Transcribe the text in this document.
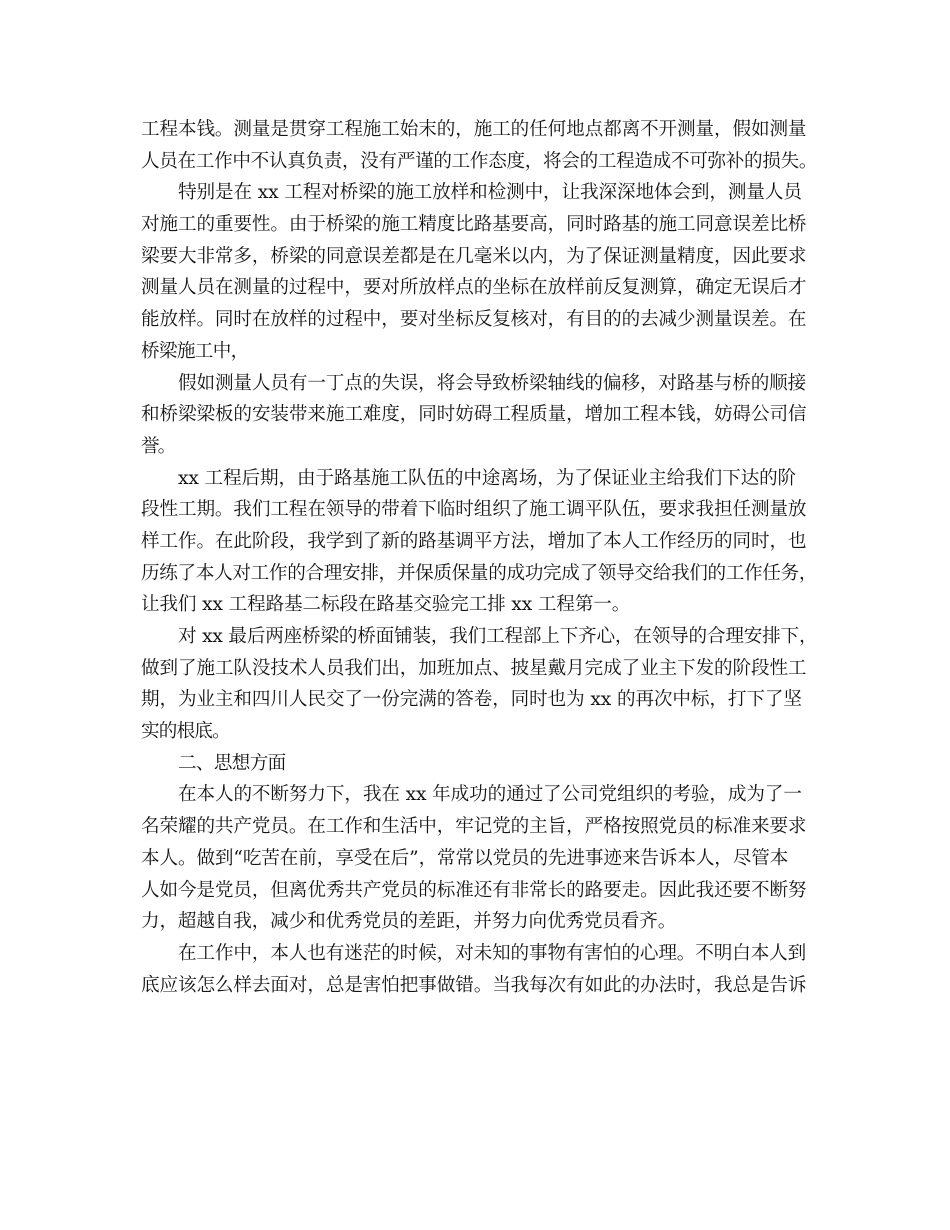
工程本钱。测量是贯穿工程施工始末的，施工的任何地点都离不开测量，假如测量
人员在工作中不认真负责，没有严谨的工作态度，将会的工程造成不可弥补的损失。
特别是在 xx 工程对桥梁的施工放样和检测中，让我深深地体会到，测量人员
对施工的重要性。由于桥梁的施工精度比路基要高，同时路基的施工同意误差比桥
梁要大非常多，桥梁的同意误差都是在几毫米以内，为了保证测量精度，因此要求
测量人员在测量的过程中，要对所放样点的坐标在放样前反复测算，确定无误后才
能放样。同时在放样的过程中，要对坐标反复核对，有目的的去减少测量误差。在
桥梁施工中，
假如测量人员有一丁点的失误，将会导致桥梁轴线的偏移，对路基与桥的顺接
和桥梁梁板的安装带来施工难度，同时妨碍工程质量，增加工程本钱，妨碍公司信
誉。
xx 工程后期，由于路基施工队伍的中途离场，为了保证业主给我们下达的阶
段性工期。我们工程在领导的带着下临时组织了施工调平队伍，要求我担任测量放
样工作。在此阶段，我学到了新的路基调平方法，增加了本人工作经历的同时，也
历练了本人对工作的合理安排，并保质保量的成功完成了领导交给我们的工作任务，
让我们 xx 工程路基二标段在路基交验完工排 xx 工程第一。
对 xx 最后两座桥梁的桥面铺装，我们工程部上下齐心，在领导的合理安排下，
做到了施工队没技术人员我们出，加班加点、披星戴月完成了业主下发的阶段性工
期，为业主和四川人民交了一份完满的答卷，同时也为 xx 的再次中标，打下了坚
实的根底。
二、思想方面
在本人的不断努力下，我在 xx 年成功的通过了公司党组织的考验，成为了一
名荣耀的共产党员。在工作和生活中，牢记党的主旨，严格按照党员的标准来要求
本人。做到“吃苦在前，享受在后”，常常以党员的先进事迹来告诉本人，尽管本
人如今是党员，但离优秀共产党员的标准还有非常长的路要走。因此我还要不断努
力，超越自我，减少和优秀党员的差距，并努力向优秀党员看齐。
在工作中，本人也有迷茫的时候，对未知的事物有害怕的心理。不明白本人到
底应该怎么样去面对，总是害怕把事做错。当我每次有如此的办法时，我总是告诉
